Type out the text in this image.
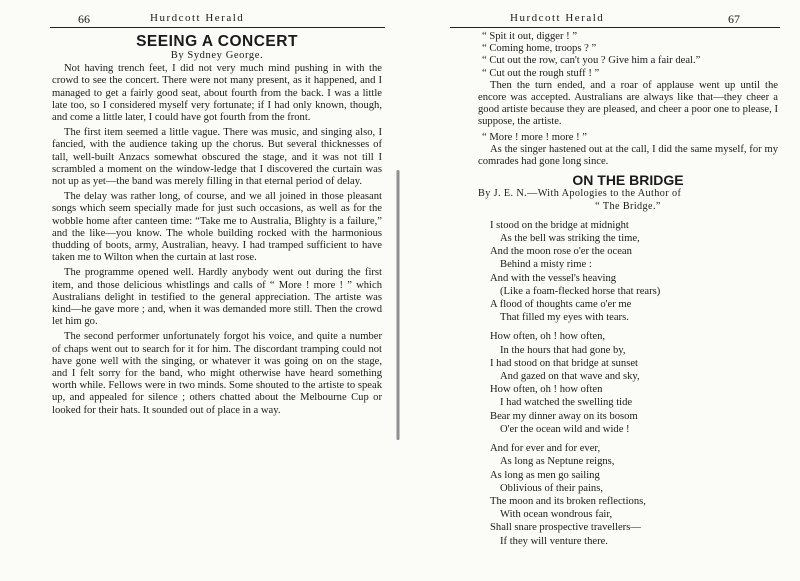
66	Hurdcott Herald
SEEING A CONCERT
By Sydney George.

Not having trench feet, I did not very much mind pushing in with the crowd to see the concert. There were not many present, as it happened, and I managed to get a fairly good seat, about fourth from the back. I was a little late too, so I considered myself very fortunate; if I had only known, though, and come a little later, I could have got fourth from the front.

The first item seemed a little vague. There was music, and singing also, I fancied, with the audience taking up the chorus. But several thicknesses of tall, well-built Anzacs somewhat obscured the stage, and it was not till I scrambled a moment on the window-ledge that I discovered the curtain was not up as yet—the band was merely filling in that eternal period of delay.

The delay was rather long, of course, and we all joined in those pleasant songs which seem specially made for just such occasions, as well as for the wobble home after canteen time: “Take me to Australia, Blighty is a failure,” and the like—you know. The whole building rocked with the harmonious thudding of boots, army, Australian, heavy. I had tramped sufficient to have taken me to Wilton when the curtain at last rose.

The programme opened well. Hardly anybody went out during the first item, and those delicious whistlings and calls of “ More ! more ! ” which Australians delight in testified to the general appreciation. The artiste was kind—he gave more ; and, when it was demanded more still. Then the crowd let him go.

The second performer unfortunately forgot his voice, and quite a number of chaps went out to search for it for him. The discordant tramping could not have gone well with the singing, or whatever it was going on on the stage, and I felt sorry for the band, who might otherwise have heard something worth while. Fellows were in two minds. Some shouted to the artiste to speak up, and appealed for silence ; others chatted about the Melbourne Cup or looked for their hats. It sounded out of place in a way.

Hurdcott Herald	67

“ Spit it out, digger ! ”

“ Coming home, troops ? ”

“ Cut out the row, can't you ? Give him a fair deal.”

“ Cut out the rough stuff ! ”

Then the turn ended, and a roar of applause went up until the encore was accepted. Australians are always like that—they cheer a good artiste because they are pleased, and cheer a poor one to please, I suppose, the artiste.

“ More ! more ! more ! ”

As the singer hastened out at the call, I did the same myself, for my comrades had gone long since.

ON THE BRIDGE

By J. E. N.—With Apologies to the Author of

“ The Bridge.”
I stood on the bridge at midnight
As the bell was striking the time,
And the moon rose o'er the ocean
Behind a misty rime :
And with the vessel's heaving
(Like a foam-flecked horse that rears)
A flood of thoughts came o'er me
That filled my eyes with tears.
How often, oh ! how often,
In the hours that had gone by,
I had stood on that bridge at sunset
And gazed on that wave and sky,
How often, oh ! how often
I had watched the swelling tide
Bear my dinner away on its bosom
O'er the ocean wild and wide !
And for ever and for ever,
As long as Neptune reigns,
As long as men go sailing
Oblivious of their pains,
The moon and its broken reflections,
With ocean wondrous fair,
Shall snare prospective travellers—
If they will venture there.
